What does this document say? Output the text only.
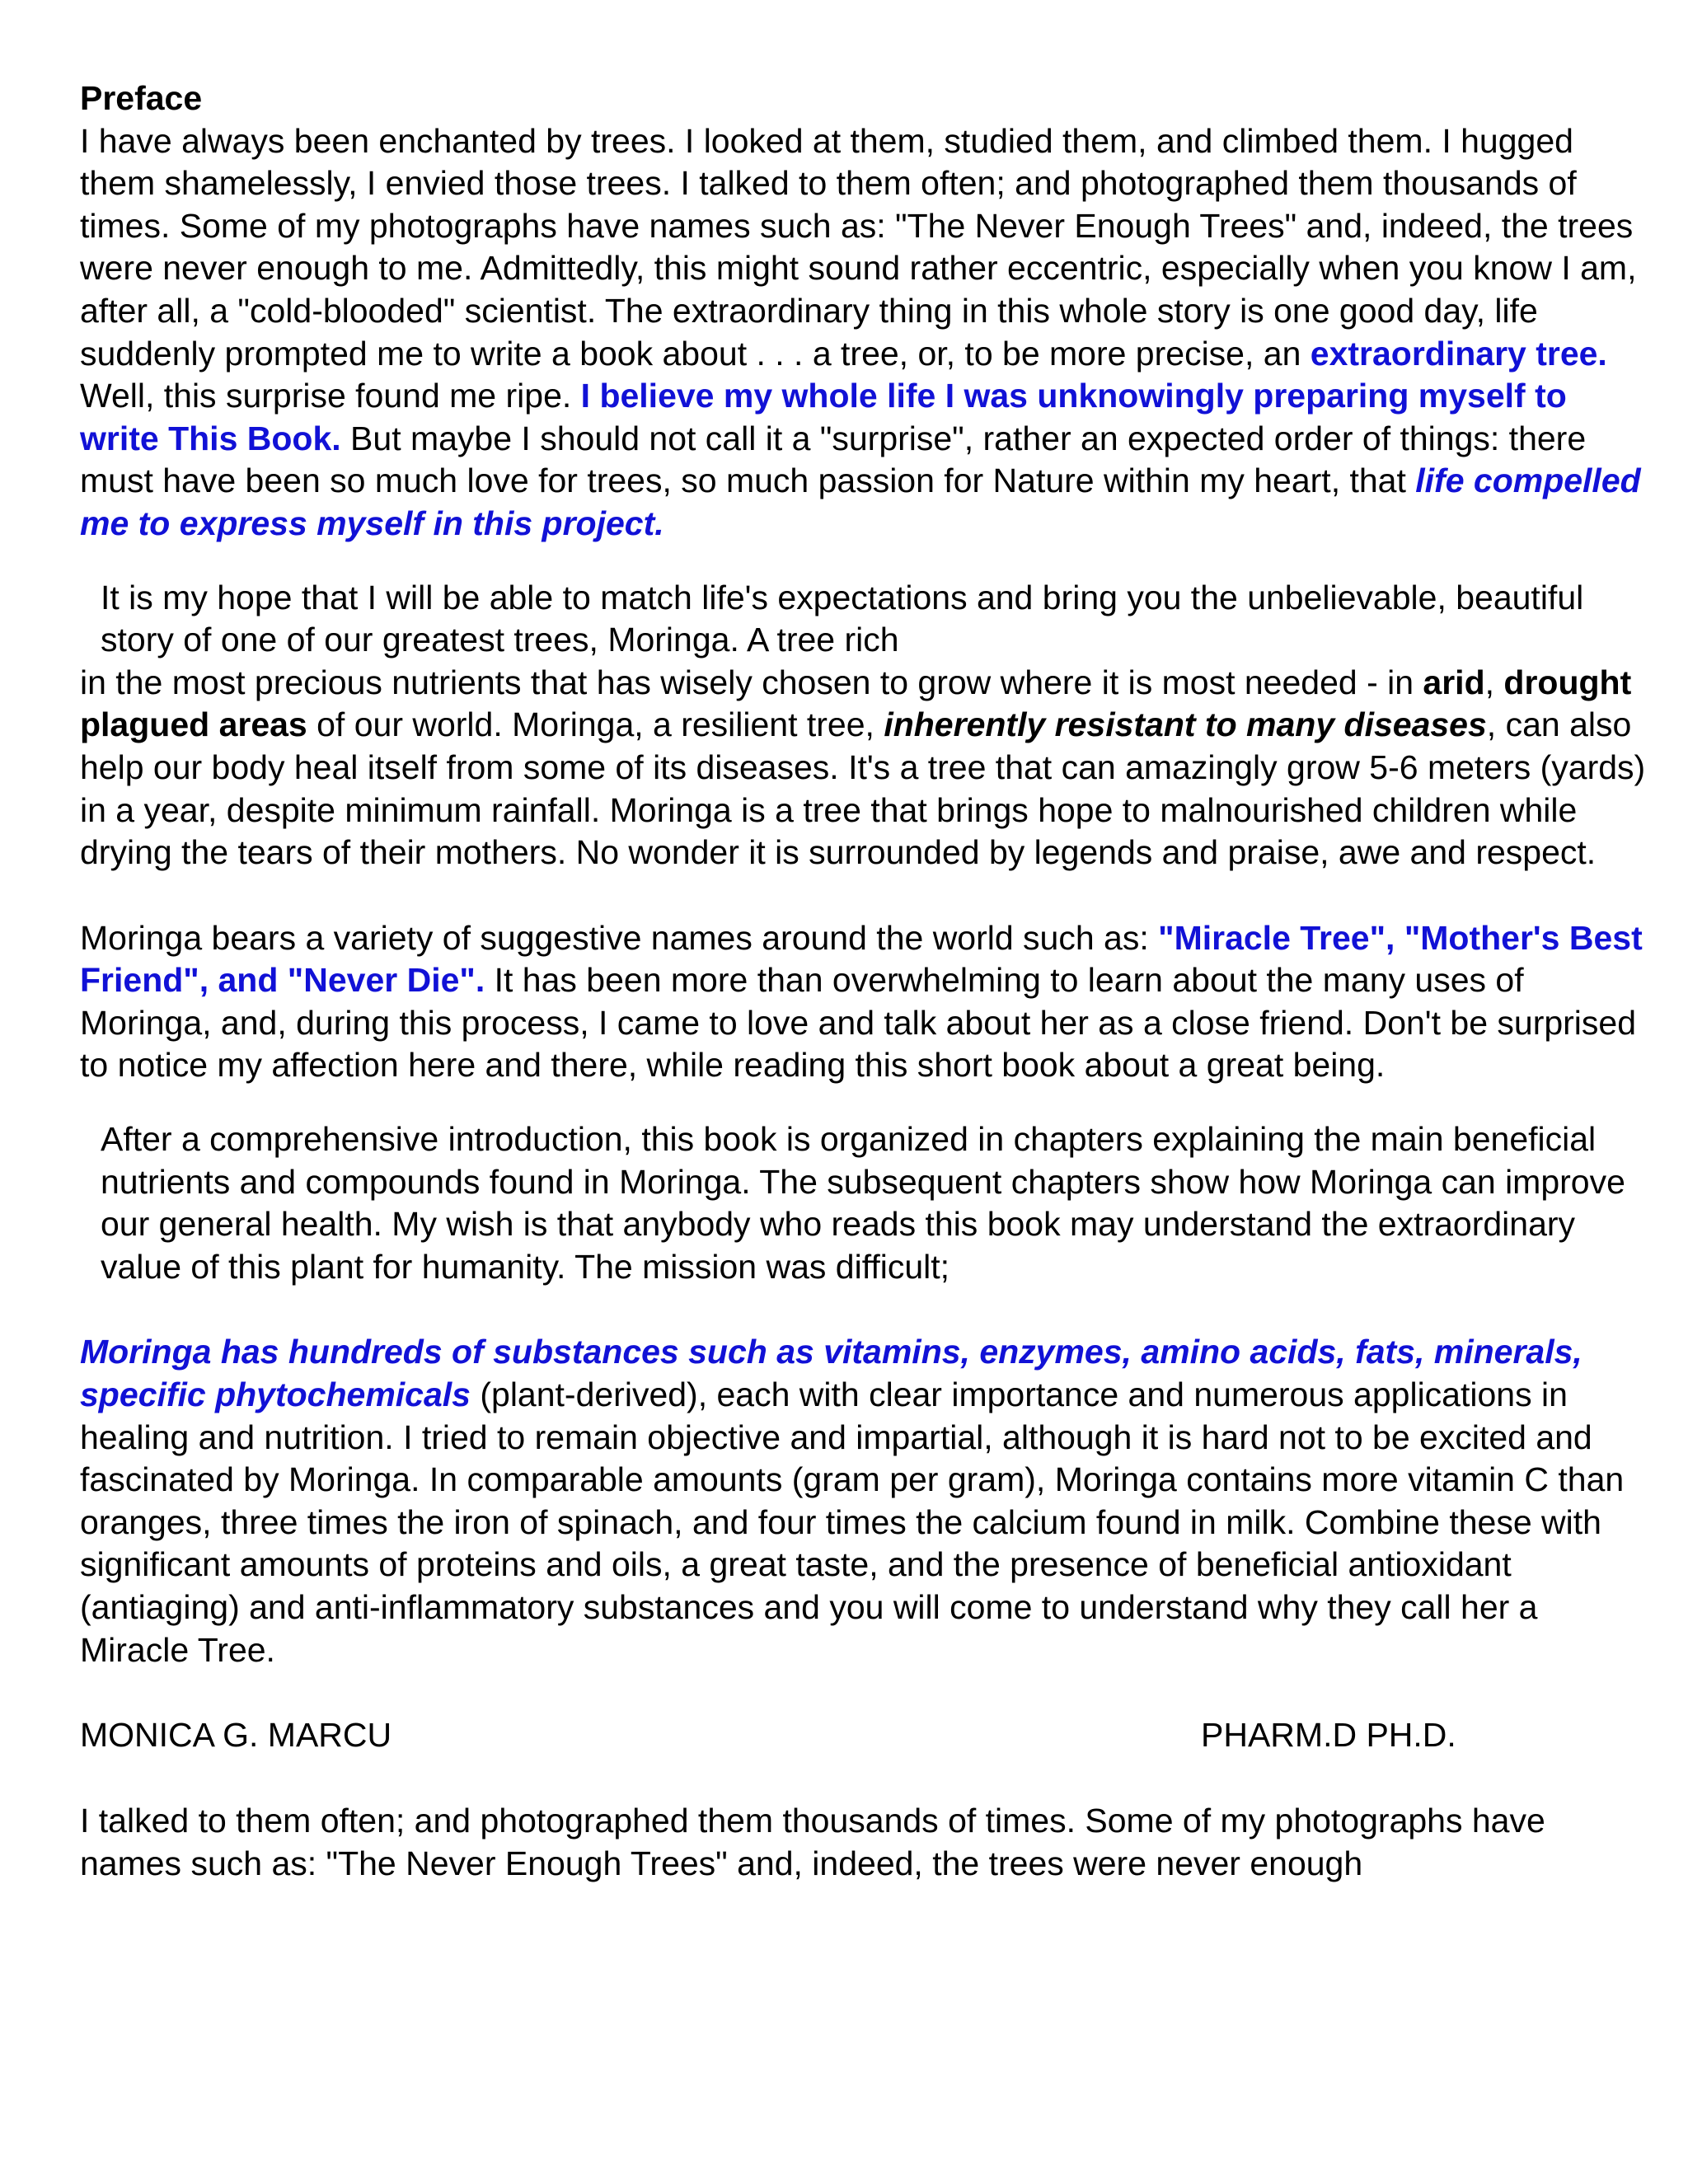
Preface

I have always been enchanted by trees. I looked at them, studied them, and climbed them. I hugged them shamelessly, I envied those trees. I talked to them often; and photographed them thousands of times. Some of my photographs have names such as: "The Never Enough Trees" and, indeed, the trees were never enough to me. Admittedly, this might sound rather eccentric, especially when you know I am, after all, a "cold-blooded" scientist. The extraordinary thing in this whole story is one good day, life suddenly prompted me to write a book about . . . a tree, or, to be more precise, an extraordinary tree. Well, this surprise found me ripe. I believe my whole life I was unknowingly preparing myself to write This Book. But maybe I should not call it a "surprise", rather an expected order of things: there must have been so much love for trees, so much passion for Nature within my heart, that life compelled me to express myself in this project.

It is my hope that I will be able to match life's expectations and bring you the unbelievable, beautiful story of one of our greatest trees, Moringa. A tree rich

in the most precious nutrients that has wisely chosen to grow where it is most needed - in arid, drought plagued areas of our world. Moringa, a resilient tree, inherently resistant to many diseases, can also help our body heal itself from some of its diseases. It's a tree that can amazingly grow 5-6 meters (yards) in a year, despite minimum rainfall. Moringa is a tree that brings hope to malnourished children while drying the tears of their mothers. No wonder it is surrounded by legends and praise, awe and respect.

Moringa bears a variety of suggestive names around the world such as: "Miracle Tree", "Mother's Best Friend", and "Never Die". It has been more than overwhelming to learn about the many uses of Moringa, and, during this process, I came to love and talk about her as a close friend. Don't be surprised to notice my affection here and there, while reading this short book about a great being.

After a comprehensive introduction, this book is organized in chapters explaining the main beneficial nutrients and compounds found in Moringa. The subsequent chapters show how Moringa can improve our general health. My wish is that anybody who reads this book may understand the extraordinary value of this plant for humanity. The mission was difficult;

Moringa has hundreds of substances such as vitamins, enzymes, amino acids, fats, minerals, specific phytochemicals (plant-derived), each with clear importance and numerous applications in healing and nutrition. I tried to remain objective and impartial, although it is hard not to be excited and fascinated by Moringa. In comparable amounts (gram per gram), Moringa contains more vitamin C than oranges, three times the iron of spinach, and four times the calcium found in milk. Combine these with significant amounts of proteins and oils, a great taste, and the presence of beneficial antioxidant (antiaging) and anti-inflammatory substances and you will come to understand why they call her a Miracle Tree.

MONICA G. MARCU	PHARM.D PH.D.

I talked to them often; and photographed them thousands of times. Some of my photographs have names such as: "The Never Enough Trees" and, indeed, the trees were never enough
